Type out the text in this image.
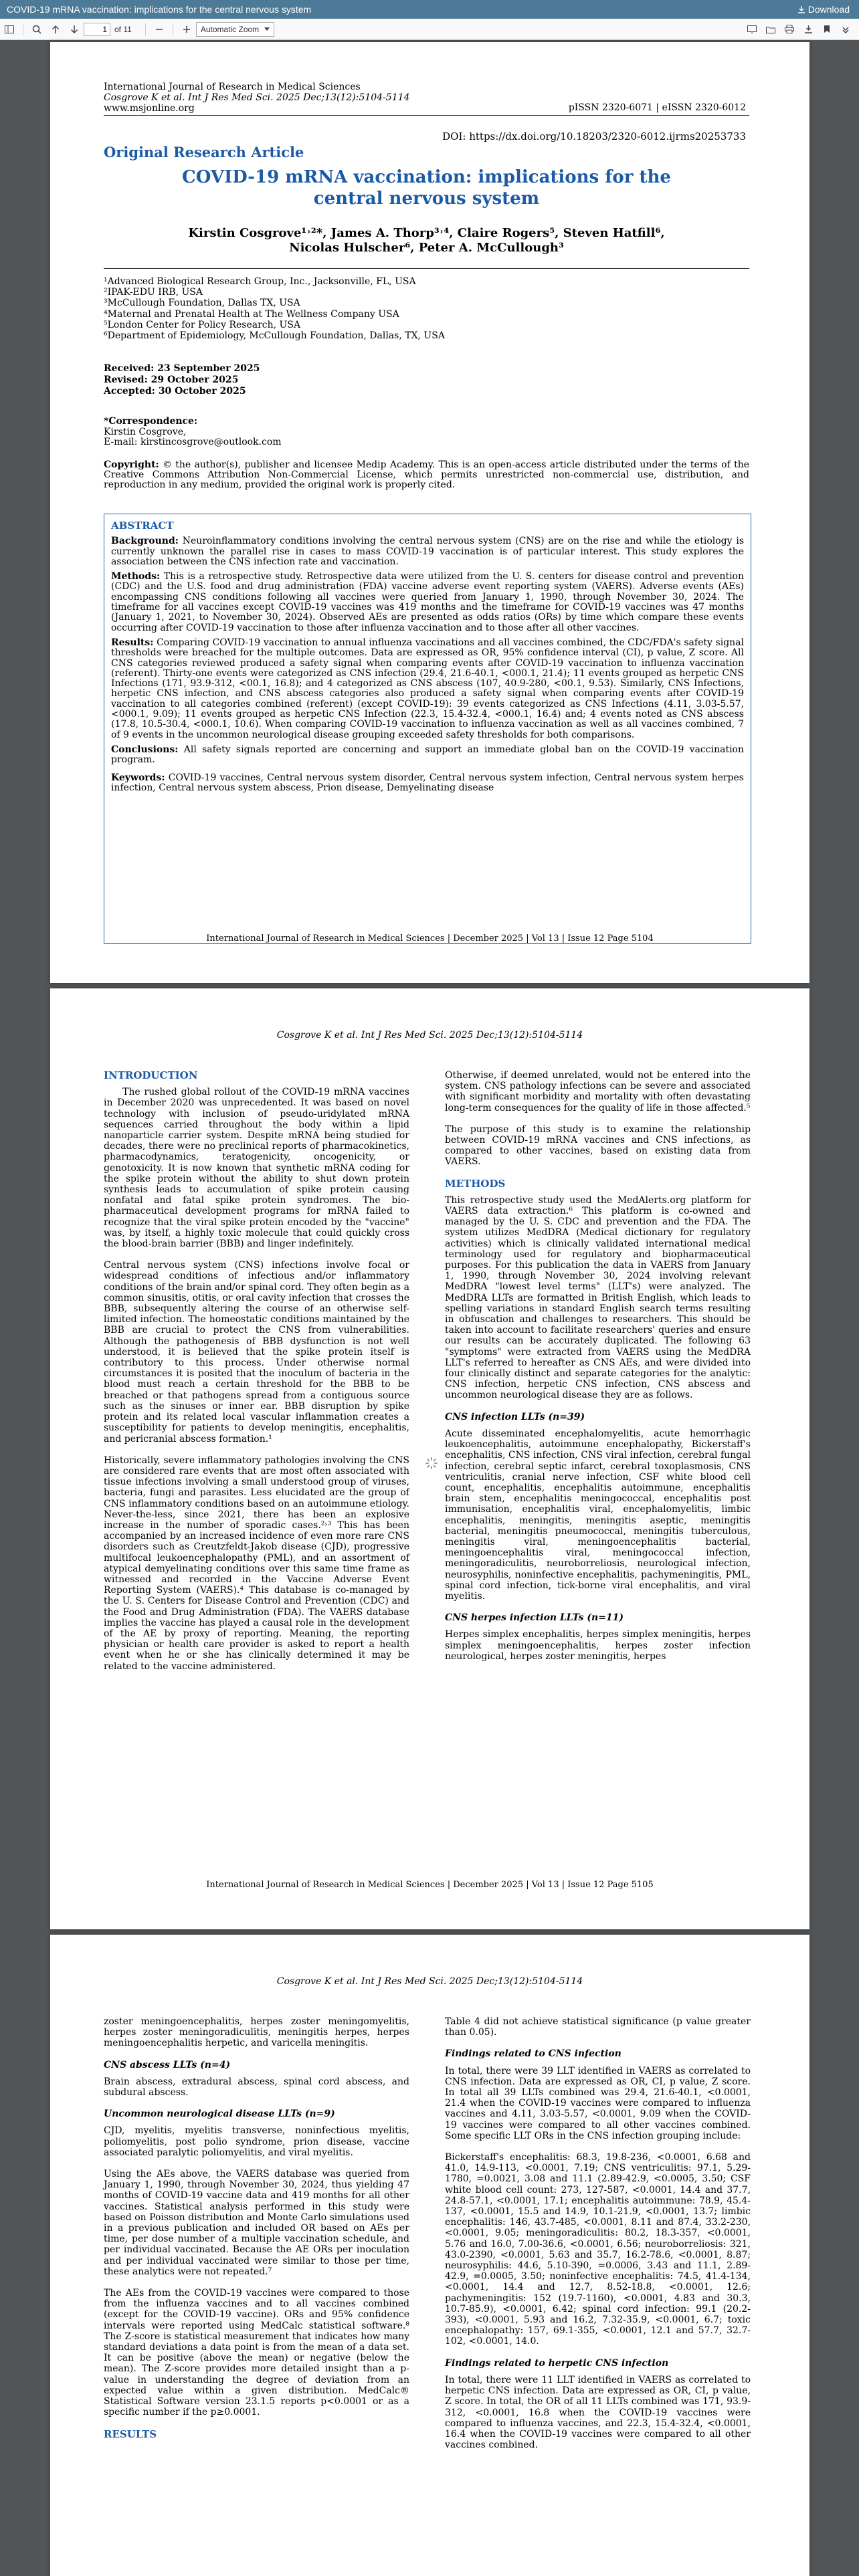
COVID-19 mRNA vaccination: implications for the central nervous system	Download
1
of 11	Automatic Zoom
International Journal of Research in Medical Sciences
Cosgrove K et al. Int J Res Med Sci. 2025 Dec;13(12):5104-5114
www.msjonline.org	pISSN 2320-6071 | eISSN 2320-6012
DOI: https://dx.doi.org/10.18203/2320-6012.ijrms20253733
Original Research Article
COVID-19 mRNA vaccination: implications for the
central nervous system
Kirstin Cosgrove¹˒²*, James A. Thorp³˒⁴, Claire Rogers⁵, Steven Hatfill⁶,
Nicolas Hulscher⁶, Peter A. McCullough³
¹Advanced Biological Research Group, Inc., Jacksonville, FL, USA
²IPAK-EDU IRB, USA
³McCullough Foundation, Dallas TX, USA
⁴Maternal and Prenatal Health at The Wellness Company USA
⁵London Center for Policy Research, USA
⁶Department of Epidemiology, McCullough Foundation, Dallas, TX, USA
Received: 23 September 2025
Revised: 29 October 2025
Accepted: 30 October 2025
*Correspondence:
Kirstin Cosgrove,
E-mail: kirstincosgrove@outlook.com
Copyright: © the author(s), publisher and licensee Medip Academy. This is an open-access article distributed under the terms of the Creative Commons Attribution Non-Commercial License, which permits unrestricted non-commercial use, distribution, and reproduction in any medium, provided the original work is properly cited.
ABSTRACT

Background: Neuroinflammatory conditions involving the central nervous system (CNS) are on the rise and while the etiology is currently unknown the parallel rise in cases to mass COVID-19 vaccination is of particular interest. This study explores the association between the CNS infection rate and vaccination.

Methods: This is a retrospective study. Retrospective data were utilized from the U. S. centers for disease control and prevention (CDC) and the U.S. food and drug administration (FDA) vaccine adverse event reporting system (VAERS). Adverse events (AEs) encompassing CNS conditions following all vaccines were queried from January 1, 1990, through November 30, 2024. The timeframe for all vaccines except COVID-19 vaccines was 419 months and the timeframe for COVID-19 vaccines was 47 months (January 1, 2021, to November 30, 2024). Observed AEs are presented as odds ratios (ORs) by time which compare these events occurring after COVID-19 vaccination to those after influenza vaccination and to those after all other vaccines.

Results: Comparing COVID-19 vaccination to annual influenza vaccinations and all vaccines combined, the CDC/FDA's safety signal thresholds were breached for the multiple outcomes. Data are expressed as OR, 95% confidence interval (CI), p value, Z score. All CNS categories reviewed produced a safety signal when comparing events after COVID-19 vaccination to influenza vaccination (referent). Thirty-one events were categorized as CNS infection (29.4, 21.6-40.1, <000.1, 21.4); 11 events grouped as herpetic CNS Infections (171, 93.9-312, <00.1, 16.8); and 4 categorized as CNS abscess (107, 40.9-280, <00.1, 9.53). Similarly, CNS Infections, herpetic CNS infection, and CNS abscess categories also produced a safety signal when comparing events after COVID-19 vaccination to all categories combined (referent) (except COVID-19): 39 events categorized as CNS Infections (4.11, 3.03-5.57, <000.1, 9.09); 11 events grouped as herpetic CNS Infection (22.3, 15.4-32.4, <000.1, 16.4) and; 4 events noted as CNS abscess (17.8, 10.5-30.4, <000.1, 10.6). When comparing COVID-19 vaccination to influenza vaccination as well as all vaccines combined, 7 of 9 events in the uncommon neurological disease grouping exceeded safety thresholds for both comparisons.

Conclusions: All safety signals reported are concerning and support an immediate global ban on the COVID-19 vaccination program.

Keywords: COVID-19 vaccines, Central nervous system disorder, Central nervous system infection, Central nervous system herpes infection, Central nervous system abscess, Prion disease, Demyelinating disease

International Journal of Research in Medical Sciences | December 2025 | Vol 13 | Issue 12 Page 5104
Cosgrove K et al. Int J Res Med Sci. 2025 Dec;13(12):5104-5114
INTRODUCTION

The rushed global rollout of the COVID-19 mRNA vaccines in December 2020 was unprecedented. It was based on novel technology with inclusion of pseudo-uridylated mRNA sequences carried throughout the body within a lipid nanoparticle carrier system. Despite mRNA being studied for decades, there were no preclinical reports of pharmacokinetics, pharmacodynamics, teratogenicity, oncogenicity, or genotoxicity. It is now known that synthetic mRNA coding for the spike protein without the ability to shut down protein synthesis leads to accumulation of spike protein causing nonfatal and fatal spike protein syndromes. The bio-pharmaceutical development programs for mRNA failed to recognize that the viral spike protein encoded by the "vaccine" was, by itself, a highly toxic molecule that could quickly cross the blood-brain barrier (BBB) and linger indefinitely.

Central nervous system (CNS) infections involve focal or widespread conditions of infectious and/or inflammatory conditions of the brain and/or spinal cord. They often begin as a common sinusitis, otitis, or oral cavity infection that crosses the BBB, subsequently altering the course of an otherwise self-limited infection. The homeostatic conditions maintained by the BBB are crucial to protect the CNS from vulnerabilities. Although the pathogenesis of BBB dysfunction is not well understood, it is believed that the spike protein itself is contributory to this process. Under otherwise normal circumstances it is posited that the inoculum of bacteria in the blood must reach a certain threshold for the BBB to be breached or that pathogens spread from a contiguous source such as the sinuses or inner ear. BBB disruption by spike protein and its related local vascular inflammation creates a susceptibility for patients to develop meningitis, encephalitis, and pericranial abscess formation.¹

Historically, severe inflammatory pathologies involving the CNS are considered rare events that are most often associated with tissue infections involving a small understood group of viruses, bacteria, fungi and parasites. Less elucidated are the group of CNS inflammatory conditions based on an autoimmune etiology. Never-the-less, since 2021, there has been an explosive increase in the number of sporadic cases.²˒³ This has been accompanied by an increased incidence of even more rare CNS disorders such as Creutzfeldt-Jakob disease (CJD), progressive multifocal leukoencephalopathy (PML), and an assortment of atypical demyelinating conditions over this same time frame as witnessed and recorded in the Vaccine Adverse Event Reporting System (VAERS).⁴ This database is co-managed by the U. S. Centers for Disease Control and Prevention (CDC) and the Food and Drug Administration (FDA). The VAERS database implies the vaccine has played a causal role in the development of the AE by proxy of reporting. Meaning, the reporting physician or health care provider is asked to report a health event when he or she has clinically determined it may be related to the vaccine administered.

Otherwise, if deemed unrelated, would not be entered into the system. CNS pathology infections can be severe and associated with significant morbidity and mortality with often devastating long-term consequences for the quality of life in those affected.⁵

The purpose of this study is to examine the relationship between COVID-19 mRNA vaccines and CNS infections, as compared to other vaccines, based on existing data from VAERS.

METHODS

This retrospective study used the MedAlerts.org platform for VAERS data extraction.⁶ This platform is co-owned and managed by the U. S. CDC and prevention and the FDA. The system utilizes MedDRA (Medical dictionary for regulatory activities) which is clinically validated international medical terminology used for regulatory and biopharmaceutical purposes. For this publication the data in VAERS from January 1, 1990, through November 30, 2024 involving relevant MedDRA "lowest level terms" (LLT's) were analyzed. The MedDRA LLTs are formatted in British English, which leads to spelling variations in standard English search terms resulting in obfuscation and challenges to researchers. This should be taken into account to facilitate researchers' queries and ensure our results can be accurately duplicated. The following 63 "symptoms" were extracted from VAERS using the MedDRA LLT's referred to hereafter as CNS AEs, and were divided into four clinically distinct and separate categories for the analytic: CNS infection, herpetic CNS infection, CNS abscess and uncommon neurological disease they are as follows.

CNS infection LLTs (n=39)

Acute disseminated encephalomyelitis, acute hemorrhagic leukoencephalitis, autoimmune encephalopathy, Bickerstaff's encephalitis, CNS infection, CNS viral infection, cerebral fungal infection, cerebral septic infarct, cerebral toxoplasmosis, CNS ventriculitis, cranial nerve infection, CSF white blood cell count, encephalitis, encephalitis autoimmune, encephalitis brain stem, encephalitis meningococcal, encephalitis post immunisation, encephalitis viral, encephalomyelitis, limbic encephalitis, meningitis, meningitis aseptic, meningitis bacterial, meningitis pneumococcal, meningitis tuberculous, meningitis viral, meningoencephalitis bacterial, meningoencephalitis viral, meningococcal infection, meningoradiculitis, neuroborreliosis, neurological infection, neurosyphilis, noninfective encephalitis, pachymeningitis, PML, spinal cord infection, tick-borne viral encephalitis, and viral myelitis.

CNS herpes infection LLTs (n=11)

Herpes simplex encephalitis, herpes simplex meningitis, herpes simplex meningoencephalitis, herpes zoster infection neurological, herpes zoster meningitis, herpes

International Journal of Research in Medical Sciences | December 2025 | Vol 13 | Issue 12 Page 5105
Cosgrove K et al. Int J Res Med Sci. 2025 Dec;13(12):5104-5114

zoster meningoencephalitis, herpes zoster meningomyelitis, herpes zoster meningoradiculitis, meningitis herpes, herpes meningoencephalitis herpetic, and varicella meningitis.

CNS abscess LLTs (n=4)

Brain abscess, extradural abscess, spinal cord abscess, and subdural abscess.

Uncommon neurological disease LLTs (n=9)

CJD, myelitis, myelitis transverse, noninfectious myelitis, poliomyelitis, post polio syndrome, prion disease, vaccine associated paralytic poliomyelitis, and viral myelitis.

Using the AEs above, the VAERS database was queried from January 1, 1990, through November 30, 2024, thus yielding 47 months of COVID-19 vaccine data and 419 months for all other vaccines. Statistical analysis performed in this study were based on Poisson distribution and Monte Carlo simulations used in a previous publication and included OR based on AEs per time, per dose number of a multiple vaccination schedule, and per individual vaccinated. Because the AE ORs per inoculation and per individual vaccinated were similar to those per time, these analytics were not repeated.⁷

The AEs from the COVID-19 vaccines were compared to those from the influenza vaccines and to all vaccines combined (except for the COVID-19 vaccine). ORs and 95% confidence intervals were reported using MedCalc statistical software.⁸ The Z-score is statistical measurement that indicates how many standard deviations a data point is from the mean of a data set. It can be positive (above the mean) or negative (below the mean). The Z-score provides more detailed insight than a p-value in understanding the degree of deviation from an expected value within a given distribution. MedCalc® Statistical Software version 23.1.5 reports p<0.0001 or as a specific number if the p≥0.0001.

RESULTS

Table 4 did not achieve statistical significance (p value greater than 0.05).

Findings related to CNS infection

In total, there were 39 LLT identified in VAERS as correlated to CNS infection. Data are expressed as OR, CI, p value, Z score. In total all 39 LLTs combined was 29.4, 21.6-40.1, <0.0001, 21.4 when the COVID-19 vaccines were compared to influenza vaccines and 4.11, 3.03-5.57, <0.0001, 9.09 when the COVID-19 vaccines were compared to all other vaccines combined. Some specific LLT ORs in the CNS infection grouping include:

Bickerstaff's encephalitis: 68.3, 19.8-236, <0.0001, 6.68 and 41.0, 14.9-113, <0.0001, 7.19; CNS ventriculitis: 97.1, 5.29-1780, =0.0021, 3.08 and 11.1 (2.89-42.9, <0.0005, 3.50; CSF white blood cell count: 273, 127-587, <0.0001, 14.4 and 37.7, 24.8-57.1, <0.0001, 17.1; encephalitis autoimmune: 78.9, 45.4-137, <0.0001, 15.5 and 14.9, 10.1-21.9, <0.0001, 13.7; limbic encephalitis: 146, 43.7-485, <0.0001, 8.11 and 87.4, 33.2-230, <0.0001, 9.05; meningoradiculitis: 80.2, 18.3-357, <0.0001, 5.76 and 16.0, 7.00-36.6, <0.0001, 6.56; neuroborreliosis: 321, 43.0-2390, <0.0001, 5.63 and 35.7, 16.2-78.6, <0.0001, 8.87; neurosyphilis: 44.6, 5.10-390, =0.0006, 3.43 and 11.1, 2.89-42.9, =0.0005, 3.50; noninfective encephalitis: 74.5, 41.4-134, <0.0001, 14.4 and 12.7, 8.52-18.8, <0.0001, 12.6; pachymeningitis: 152 (19.7-1160), <0.0001, 4.83 and 30.3, 10.7-85.9), <0.0001, 6.42; spinal cord infection: 99.1 (20.2-393), <0.0001, 5.93 and 16.2, 7.32-35.9, <0.0001, 6.7; toxic encephalopathy: 157, 69.1-355, <0.0001, 12.1 and 57.7, 32.7-102, <0.0001, 14.0.

Findings related to herpetic CNS infection

In total, there were 11 LLT identified in VAERS as correlated to herpetic CNS infection. Data are expressed as OR, CI, p value, Z score. In total, the OR of all 11 LLTs combined was 171, 93.9-312, <0.0001, 16.8 when the COVID-19 vaccines were compared to influenza vaccines, and 22.3, 15.4-32.4, <0.0001, 16.4 when the COVID-19 vaccines were compared to all other vaccines combined.
